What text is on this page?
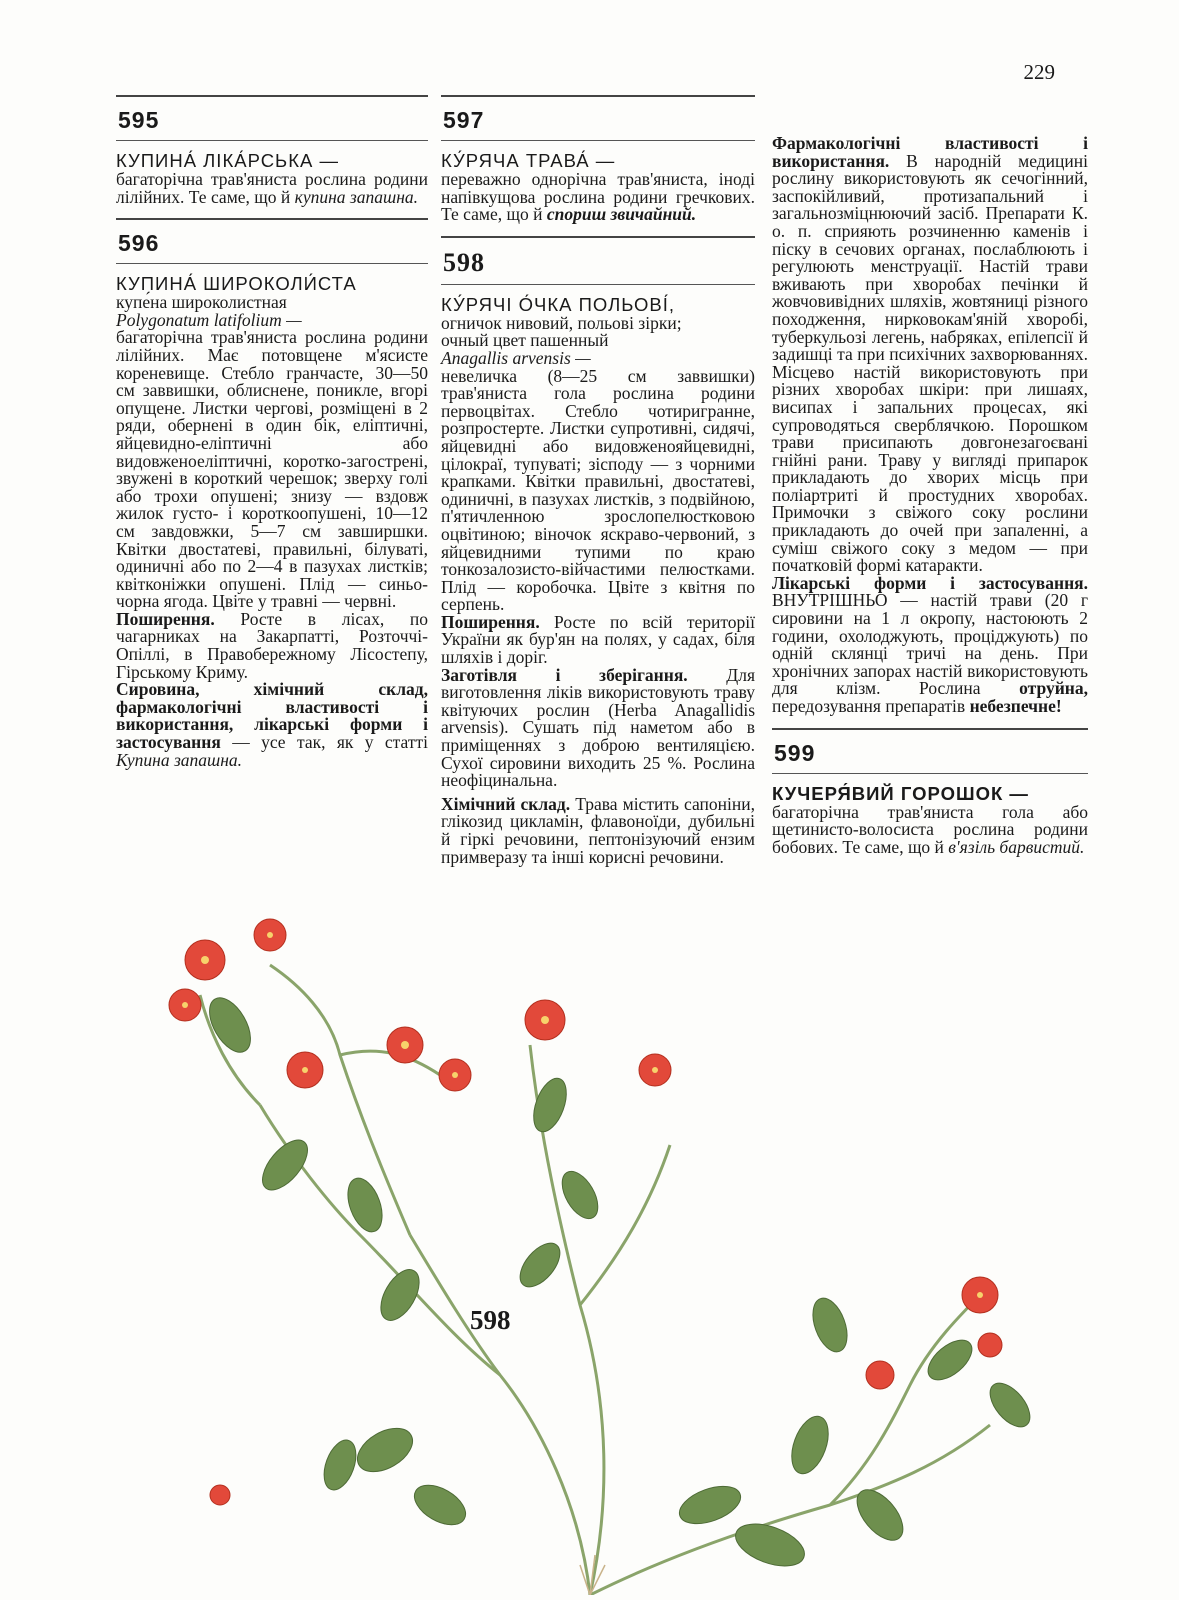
229
595
КУПИНА́ ЛІКА́РСЬКА —

багаторічна трав'яниста рослина родини лілійних. Те саме, що й купина запашна.

596
КУПИНА́ ШИРОКОЛИ́СТА

купе́на широколистная

Polygonatum latifolium —

багаторічна трав'яниста рослина родини лілійних. Має потовщене м'ясисте кореневище. Стебло гранчасте, 30—50 см заввишки, облиснене, поникле, вгорі опущене. Листки чергові, розміщені в 2 ряди, обернені в один бік, еліптичні, яйцевидно-еліптичні або видовженоеліптичні, коротко-загострені, звужені в короткий черешок; зверху голі або трохи опушені; знизу — вздовж жилок густо- і короткоопушені, 10—12 см завдовжки, 5—7 см завширшки. Квітки двостатеві, правильні, білуваті, одиничні або по 2—4 в пазухах листків; квітконіжки опушені. Плід — синьо-чорна ягода. Цвіте у травні — червні.

Поширення. Росте в лісах, по чагарниках на Закарпатті, Розточчі-Опіллі, в Правобережному Лісостепу, Гірському Криму.

Сировина, хімічний склад, фармакологічні властивості і використання, лікарські форми і застосування — усе так, як у статті Купина запашна.

597
КУ́РЯЧА ТРАВА́ —

переважно однорічна трав'яниста, іноді напівкущова рослина родини гречкових. Те саме, що й спориш звичайний.

598
КУ́РЯЧІ О́ЧКА ПОЛЬОВІ́,

огничок нивовий, польові зірки;

очный цвет пашенный

Anagallis arvensis —

невеличка (8—25 см заввишки) трав'яниста гола рослина родини первоцвітах. Стебло чотиригранне, розпростерте. Листки супротивні, сидячі, яйцевидні або видовженояйцевидні, цілокраї, тупуваті; зісподу — з чорними крапками. Квітки правильні, двостатеві, одиничні, в пазухах листків, з подвійною, п'ятичленною зрослопелюстковою оцвітиною; віночок яскраво-червоний, з яйцевидними тупими по краю тонкозалозисто-війчастими пелюстками. Плід — коробочка. Цвіте з квітня по серпень.

Поширення. Росте по всій території України як бур'ян на полях, у садах, біля шляхів і доріг.

Заготівля і зберігання. Для виготовлення ліків використовують траву квітуючих рослин (Herba Anagallidis arvensis). Сушать під наметом або в приміщеннях з доброю вентиляцією. Сухої сировини виходить 25 %. Рослина неофіцинальна.

Хімічний склад. Трава містить сапоніни, глікозид цикламін, флавоноїди, дубильні й гіркі речовини, пептонізуючий ензим примверазу та інші корисні речовини.

Фармакологічні властивості і використання. В народній медицині рослину використовують як сечогінний, заспокійливий, протизапальний і загальнозміцнюючий засіб. Препарати К. о. п. сприяють розчиненню каменів і піску в сечових органах, послаблюють і регулюють менструації. Настій трави вживають при хворобах печінки й жовчовивідних шляхів, жовтяниці різного походження, нирковокам'яній хворобі, туберкульозі легень, набряках, епілепсії й задишці та при психічних захворюваннях. Місцево настій використовують при різних хворобах шкіри: при лишаях, висипах і запальних процесах, які супроводяться сверблячкою. Порошком трави присипають довгонезагоєвані гнійні рани. Траву у вигляді припарок прикладають до хворих місць при поліартриті й простудних хворобах. Примочки з свіжого соку рослини прикладають до очей при запаленні, а суміш свіжого соку з медом — при початковій формі катаракти.

Лікарські форми і застосування. ВНУТРІШНЬО — настій трави (20 г сировини на 1 л окропу, настоюють 2 години, охолоджують, проціджують) по одній склянці тричі на день. При хронічних запорах настій використовують для клізм. Рослина отруйна, передозування препаратів небезпечне!

599
КУЧЕРЯ́ВИЙ ГОРОШОК —

багаторічна трав'яниста гола або щетинисто-волосиста рослина родини бобових. Те саме, що й в'язіль барвистий.

598
